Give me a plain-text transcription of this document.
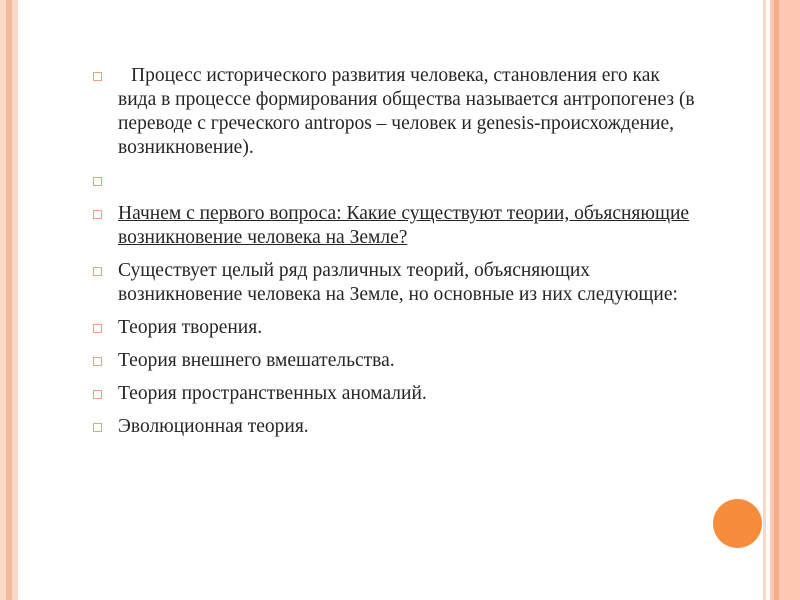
Процесс исторического развития человека, становления его как вида в процессе формирования общества называется антропогенез (в переводе с греческого antropos – человек и genesis-происхождение, возникновение).
Начнем с первого вопроса: Какие существуют теории, объясняющие возникновение человека на Земле?
Существует целый ряд различных теорий, объясняющих возникновение человека на Земле, но основные из них следующие:
Теория творения.
Теория внешнего вмешательства.
Теория пространственных аномалий.
Эволюционная теория.
